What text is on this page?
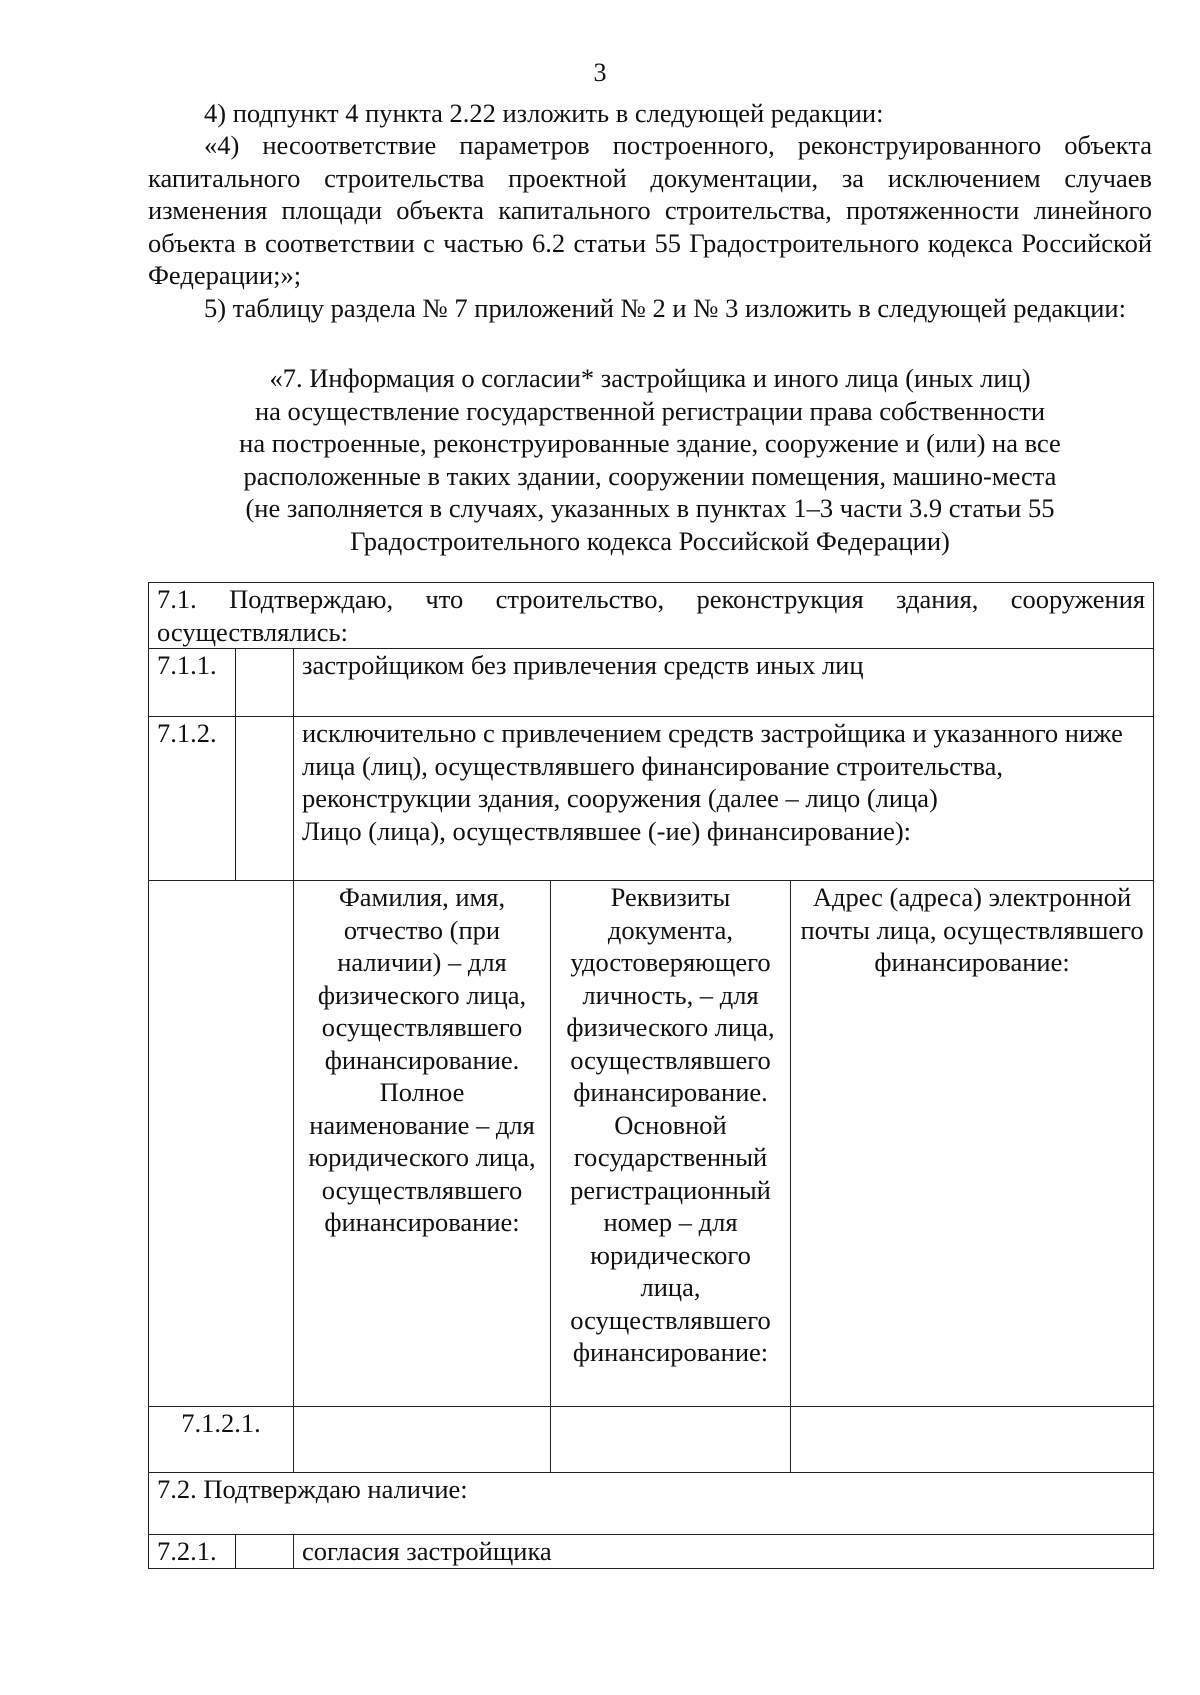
3

4) подпункт 4 пункта 2.22 изложить в следующей редакции:

«4) несоответствие параметров построенного, реконструированного объекта капитального строительства проектной документации, за исключением случаев изменения площади объекта капитального строительства, протяженности линейного объекта в соответствии с частью 6.2 статьи 55 Градостроительного кодекса Российской Федерации;»;

5) таблицу раздела № 7 приложений № 2 и № 3 изложить в следующей редакции:

«7. Информация о согласии* застройщика и иного лица (иных лиц)
на осуществление государственной регистрации права собственности
на построенные, реконструированные здание, сооружение и (или) на все
расположенные в таких здании, сооружении помещения, машино-места
(не заполняется в случаях, указанных в пунктах 1–3 части 3.9 статьи 55
Градостроительного кодекса Российской Федерации)
7.1. Подтверждаю, что строительство, реконструкция здания, сооружения осуществлялись:				
7.1.1.		застройщиком без привлечения средств иных лиц		
7.1.2.		исключительно с привлечением средств застройщика и указанного ниже лица (лиц), осуществлявшего финансирование строительства, реконструкции здания, сооружения (далее – лицо (лица)
Лицо (лица), осуществлявшее (-ие) финансирование):		
		Фамилия, имя, отчество (при наличии) – для физического лица, осуществлявшего финансирование. Полное наименование – для юридического лица, осуществлявшего финансирование:	Реквизиты документа, удостоверяющего личность, – для физического лица, осуществлявшего финансирование. Основной государственный регистрационный номер – для юридического лица, осуществлявшего финансирование:	Адрес (адреса) электронной почты лица, осуществлявшего финансирование:
7.1.2.1.				
7.2. Подтверждаю наличие:				
7.2.1.		согласия застройщика		
